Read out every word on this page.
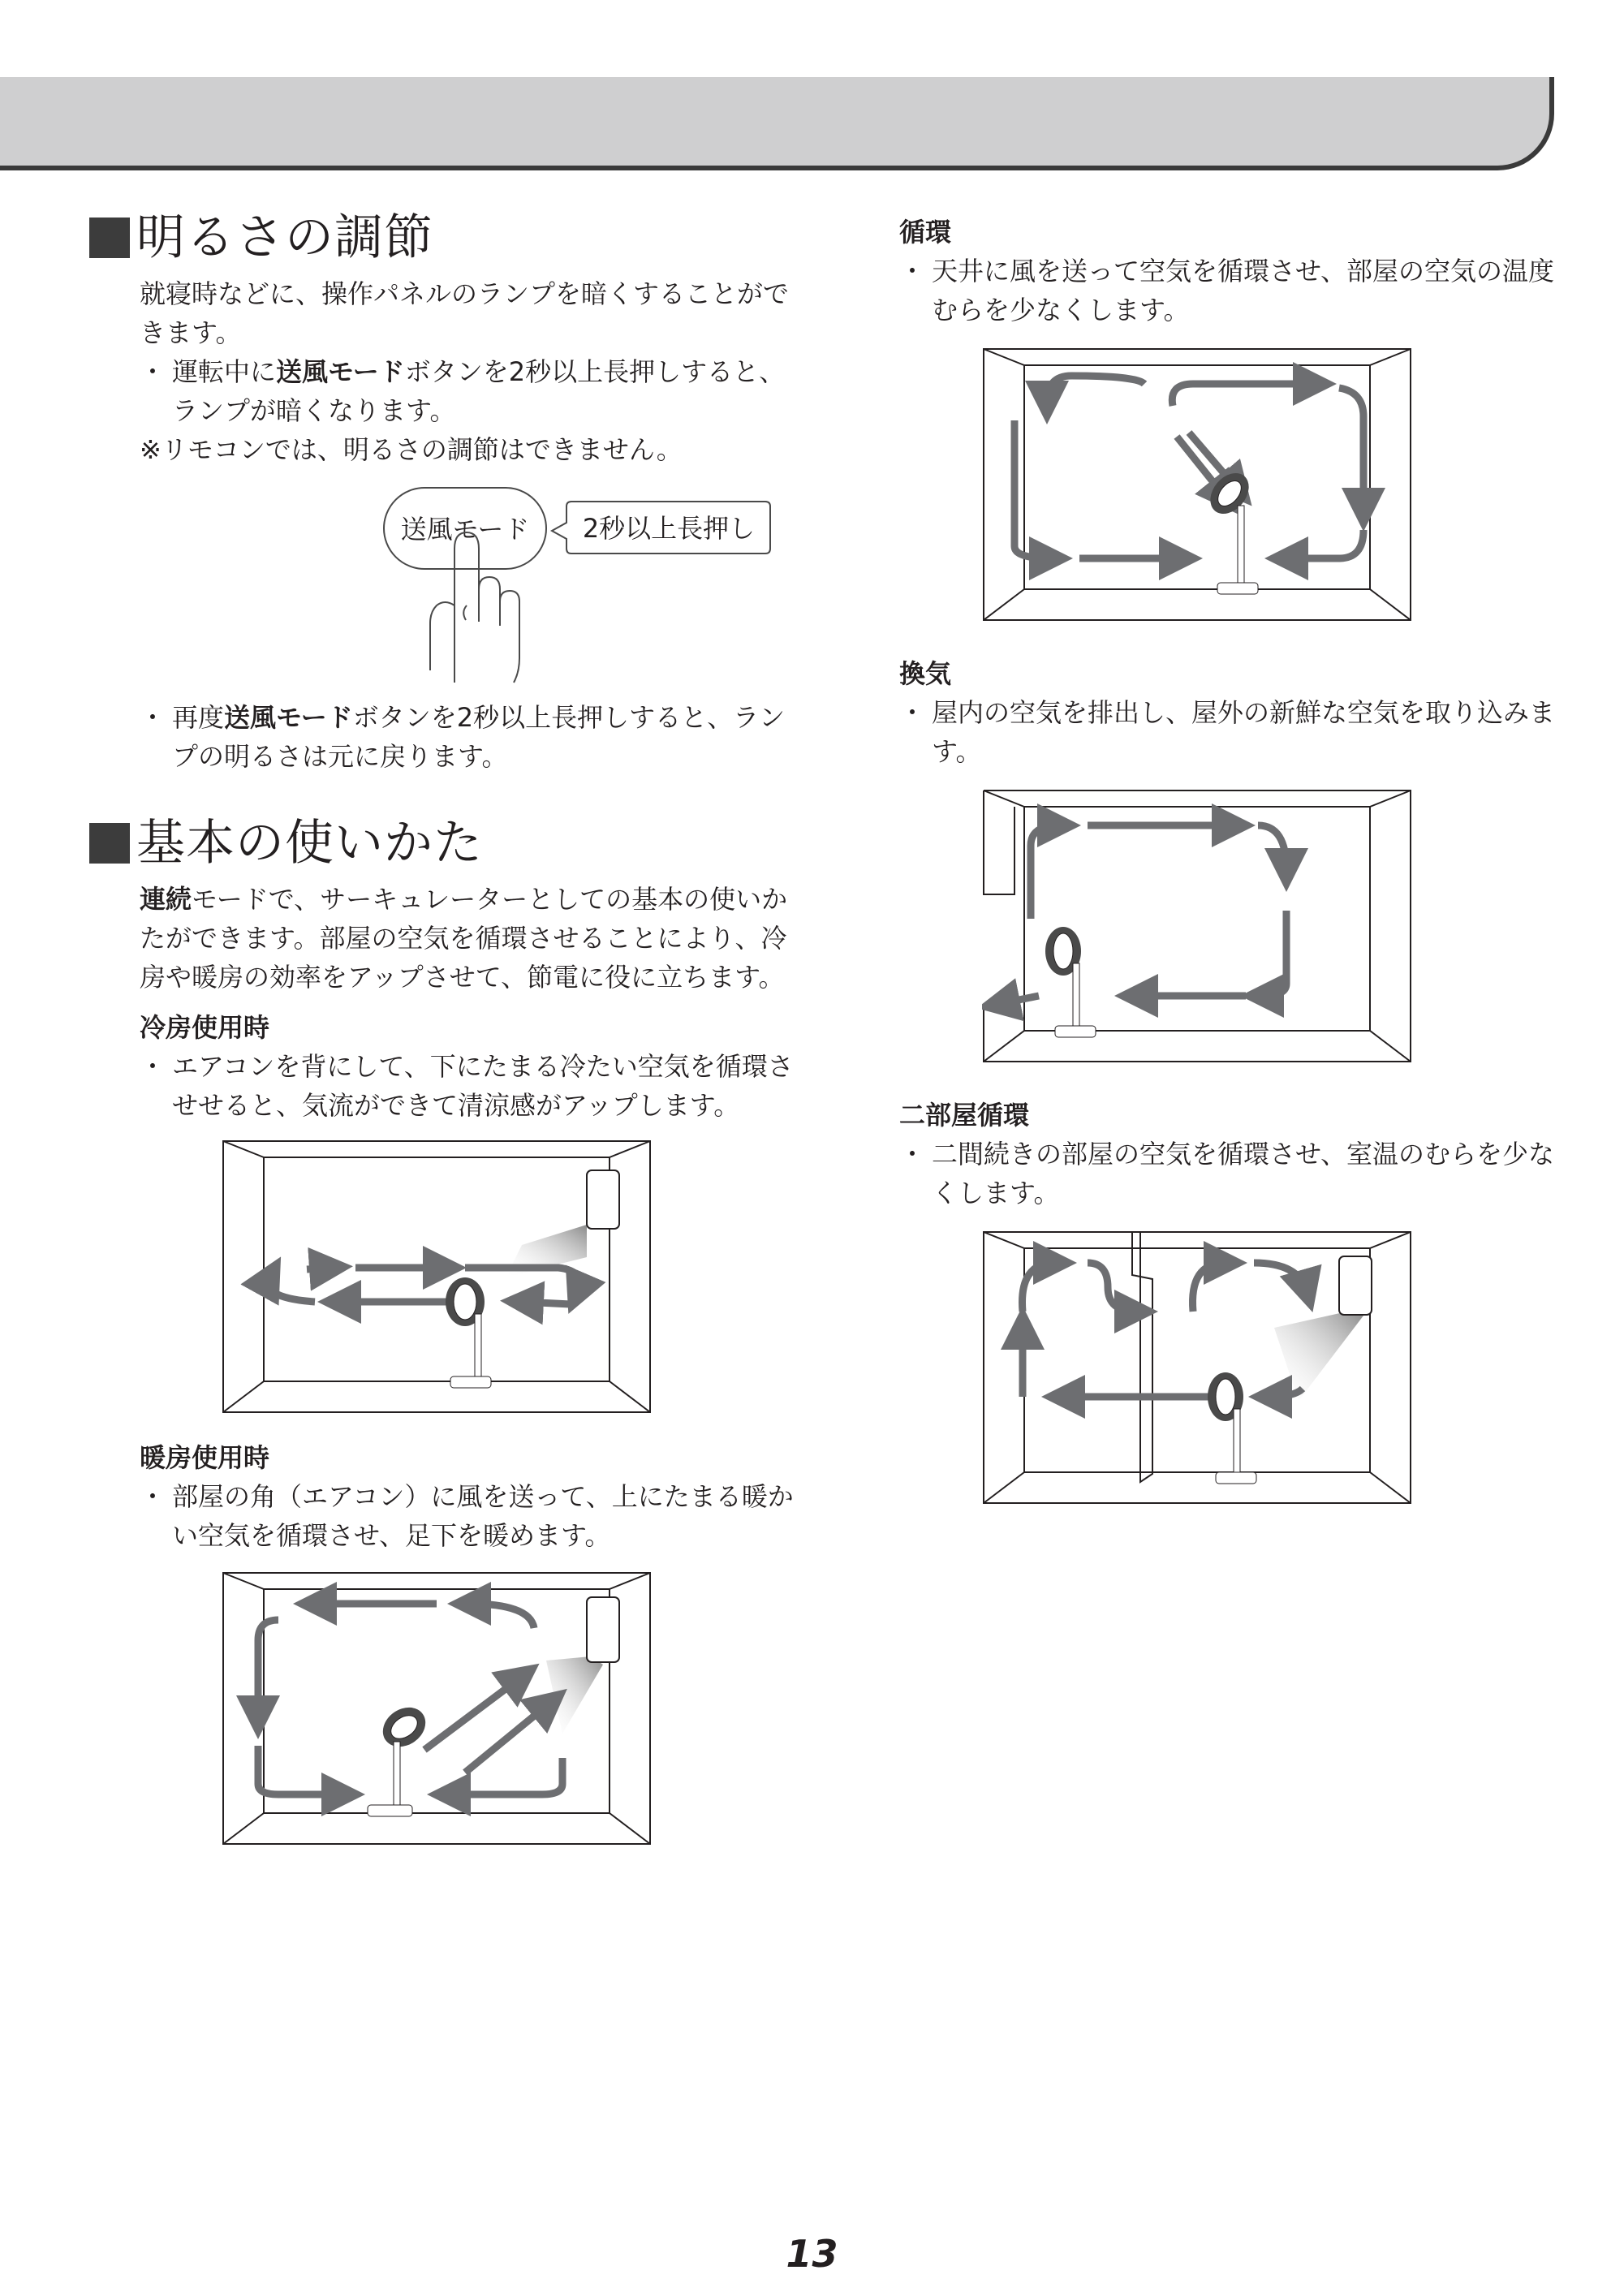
明るさの調節

就寝時などに、操作パネルのランプを暗くすることができます。

・ 運転中に送風モードボタンを2秒以上長押しすると、ランプが暗くなります。

※リモコンでは、明るさの調節はできません。

送風モード 2秒以上長押し

・ 再度送風モードボタンを2秒以上長押しすると、ランプの明るさは元に戻ります。

基本の使いかた

連続モードで、サーキュレーターとしての基本の使いかたができます。部屋の空気を循環させることにより、冷房や暖房の効率をアップさせて、節電に役に立ちます。

冷房使用時

・ エアコンを背にして、下にたまる冷たい空気を循環させせると、気流ができて清涼感がアップします。

暖房使用時

・ 部屋の角（エアコン）に風を送って、上にたまる暖かい空気を循環させ、足下を暖めます。

循環

・ 天井に風を送って空気を循環させ、部屋の空気の温度むらを少なくします。

換気

・ 屋内の空気を排出し、屋外の新鮮な空気を取り込みます。

二部屋循環

・ 二間続きの部屋の空気を循環させ、室温のむらを少なくします。

13
